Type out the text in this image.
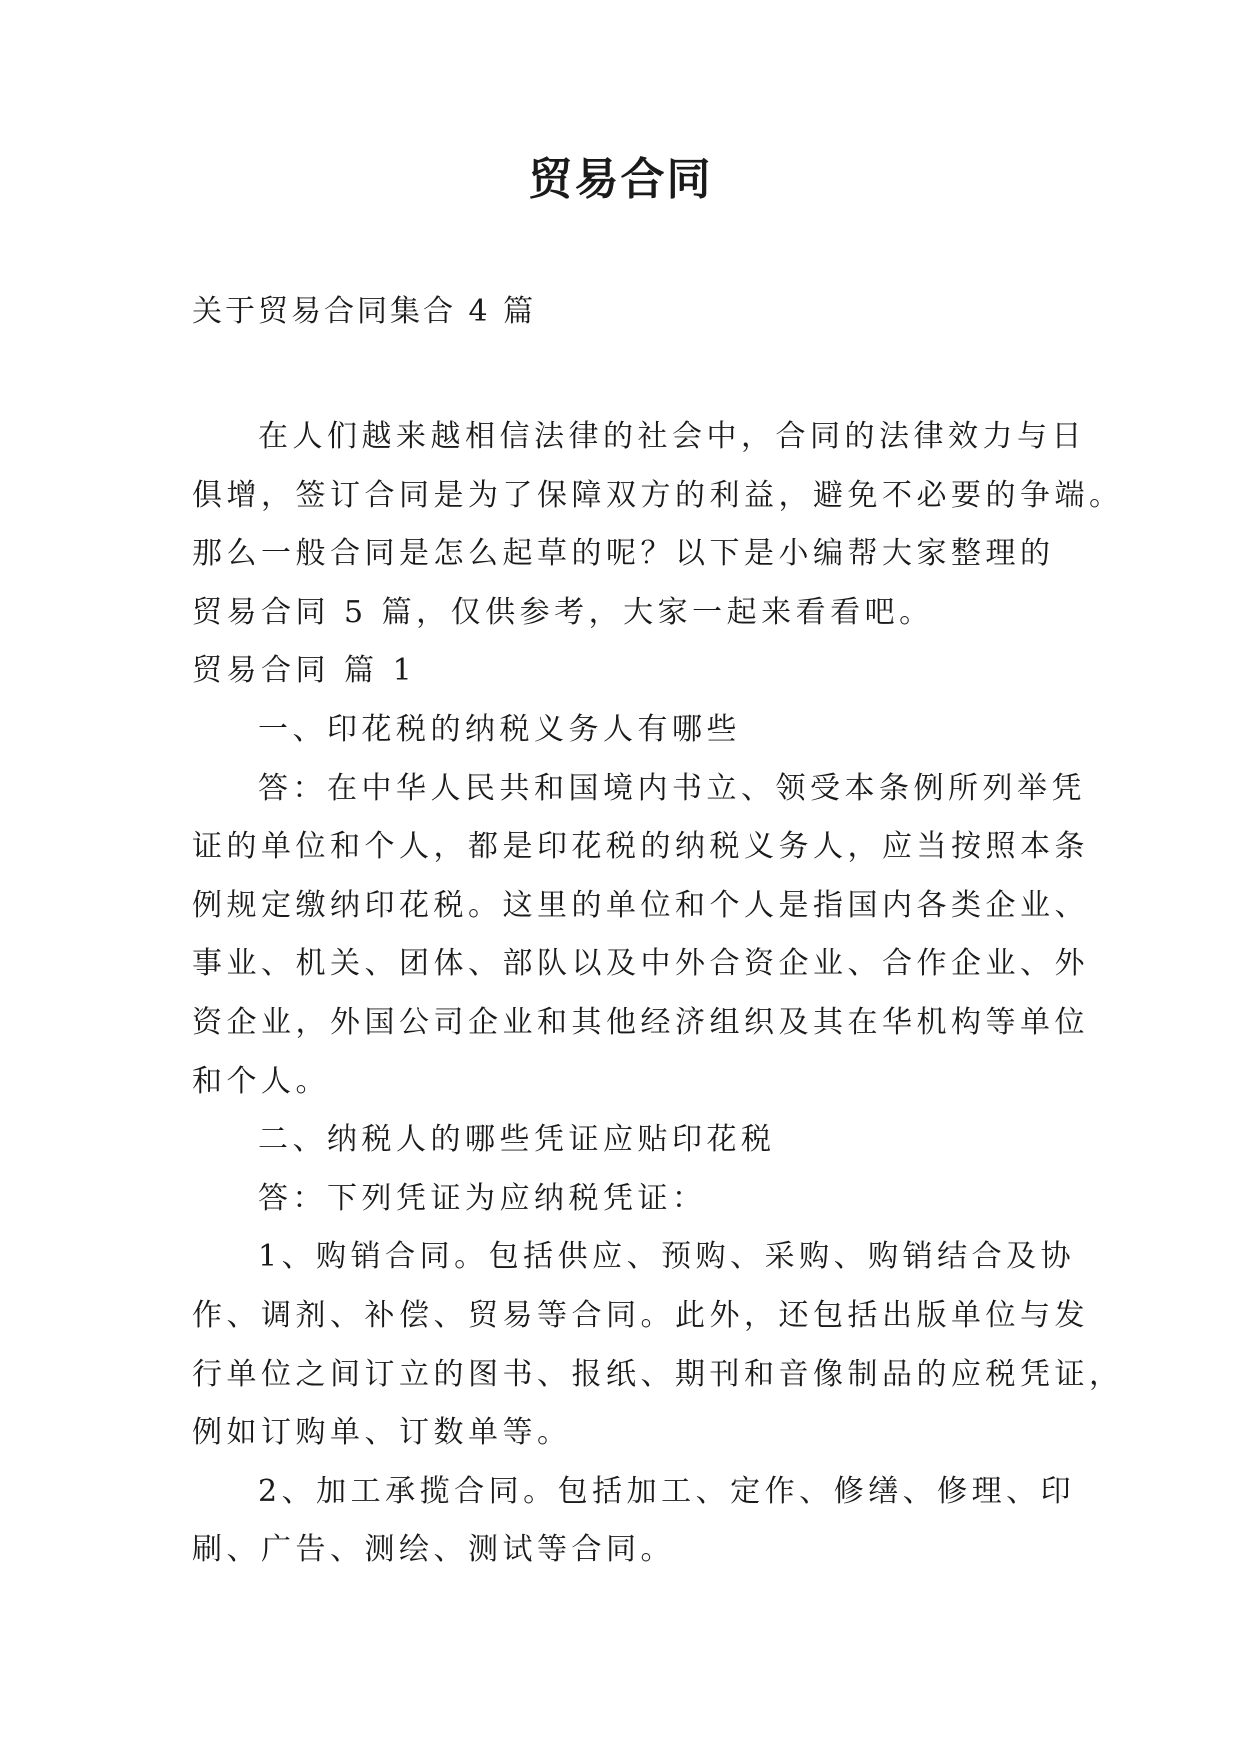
贸易合同
关于贸易合同集合 4 篇
在人们越来越相信法律的社会中，合同的法律效力与日
俱增，签订合同是为了保障双方的利益，避免不必要的争端。
那么一般合同是怎么起草的呢？以下是小编帮大家整理的
贸易合同 5 篇，仅供参考，大家一起来看看吧。
贸易合同 篇 1
一、印花税的纳税义务人有哪些
答：在中华人民共和国境内书立、领受本条例所列举凭
证的单位和个人，都是印花税的纳税义务人，应当按照本条
例规定缴纳印花税。这里的单位和个人是指国内各类企业、
事业、机关、团体、部队以及中外合资企业、合作企业、外
资企业，外国公司企业和其他经济组织及其在华机构等单位
和个人。
二、纳税人的哪些凭证应贴印花税
答：下列凭证为应纳税凭证：
1、购销合同。包括供应、预购、采购、购销结合及协
作、调剂、补偿、贸易等合同。此外，还包括出版单位与发
行单位之间订立的图书、报纸、期刊和音像制品的应税凭证，
例如订购单、订数单等。
2、加工承揽合同。包括加工、定作、修缮、修理、印
刷、广告、测绘、测试等合同。
